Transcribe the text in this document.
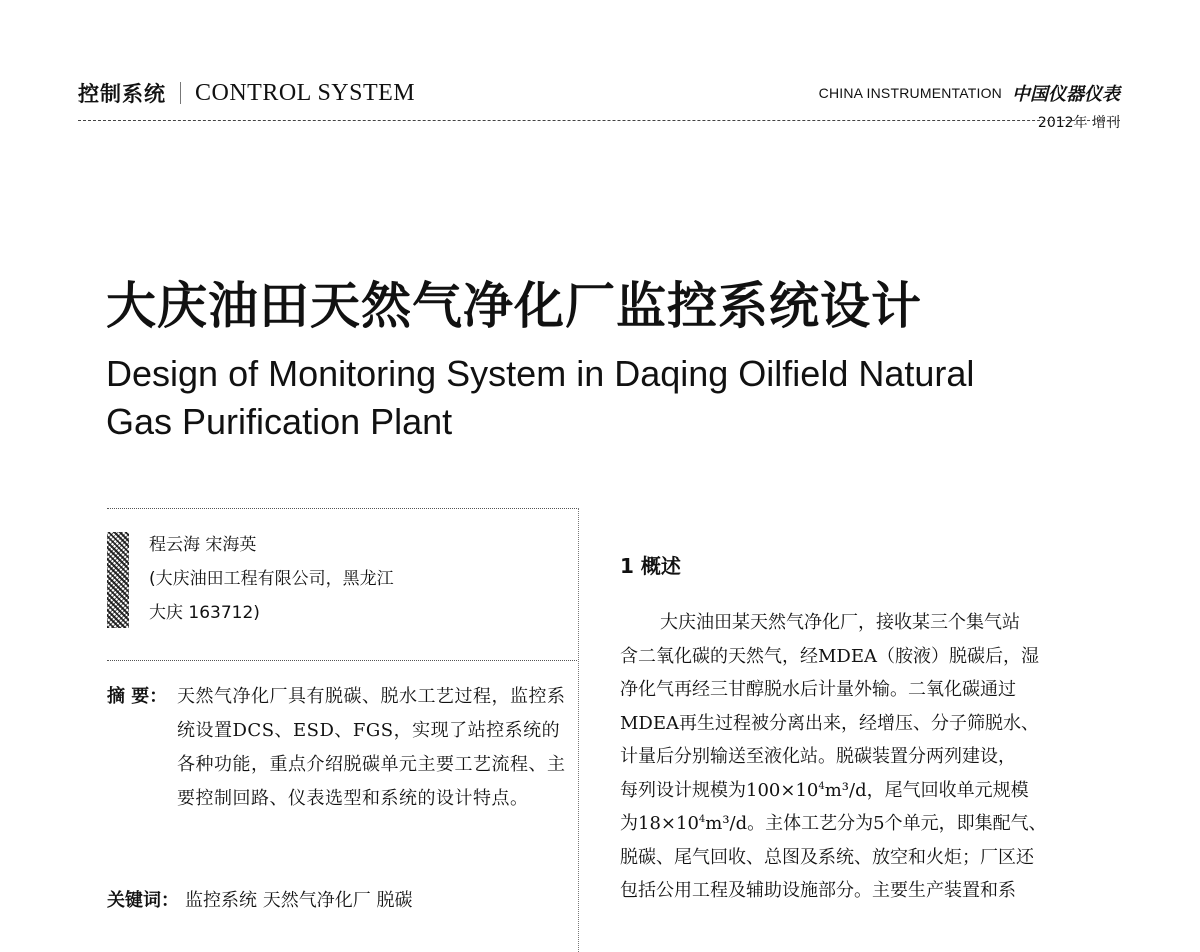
控制系统 CONTROL SYSTEM	CHINA INSTRUMENTATION 中国仪器仪表
2012年 增刊
大庆油田天然气净化厂监控系统设计
Design of Monitoring System in Daqing Oilfield Natural Gas Purification Plant
程云海 宋海英
(大庆油田工程有限公司，黑龙江
大庆 163712)
摘 要： 天然气净化厂具有脱碳、脱水工艺过程，监控系统设置DCS、ESD、FGS，实现了站控系统的各种功能，重点介绍脱碳单元主要工艺流程、主要控制回路、仪表选型和系统的设计特点。
关键词： 监控系统 天然气净化厂 脱碳
1 概述
大庆油田某天然气净化厂，接收某三个集气站
含二氧化碳的天然气，经MDEA（胺液）脱碳后，湿
净化气再经三甘醇脱水后计量外输。二氧化碳通过
MDEA再生过程被分离出来，经增压、分子筛脱水、
计量后分别输送至液化站。脱碳装置分两列建设，
每列设计规模为$100\times 10^4m^3/d$，尾气回收单元规模
为$18\times 10^4m^3/d$。主体工艺分为5个单元，即集配气、
脱碳、尾气回收、总图及系统、放空和火炬；厂区还
包括公用工程及辅助设施部分。主要生产装置和系
